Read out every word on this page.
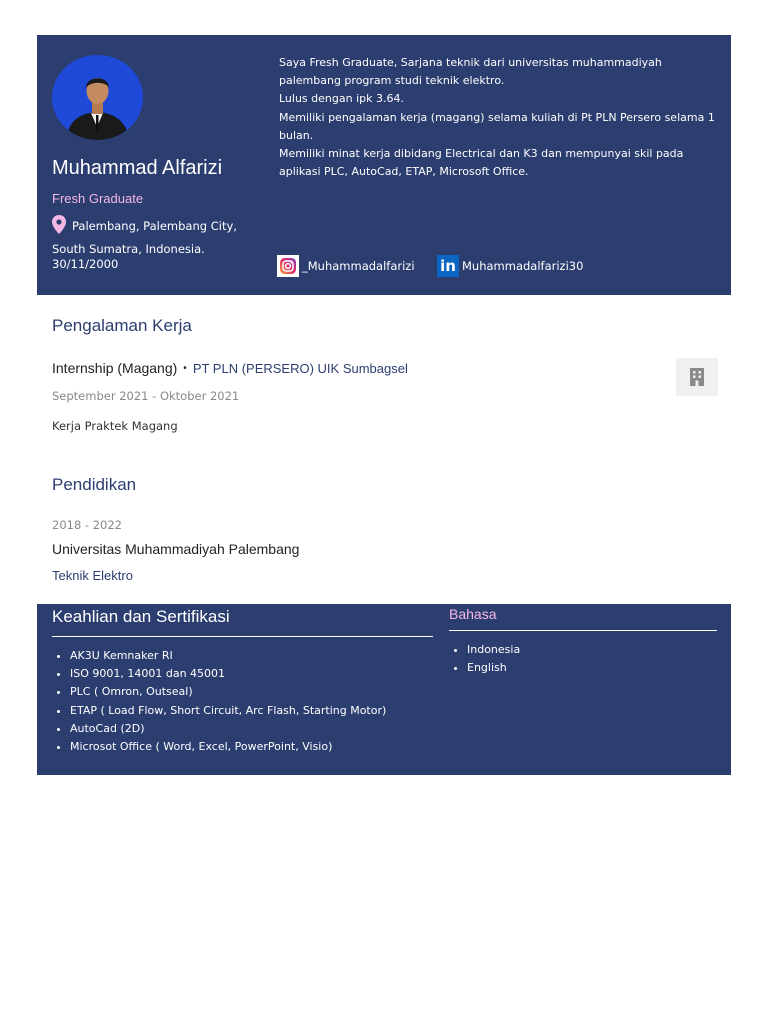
Muhammad Alfarizi
Fresh Graduate
Palembang, Palembang City, South Sumatra, Indonesia.
30/11/2000
Saya Fresh Graduate, Sarjana teknik dari universitas muhammadiyah palembang program studi teknik elektro.
Lulus dengan ipk 3.64.
Memiliki pengalaman kerja (magang) selama kuliah di Pt PLN Persero selama 1 bulan.
Memiliki minat kerja dibidang Electrical dan K3 dan mempunyai skil pada aplikasi PLC, AutoCad, ETAP, Microsoft Office.
_Muhammadalfarizi in Muhammadalfarizi30
Pengalaman Kerja
Internship (Magang) • PT PLN (PERSERO) UIK Sumbagsel
September 2021 - Oktober 2021
Kerja Praktek Magang
Pendidikan
2018 - 2022
Universitas Muhammadiyah Palembang
Teknik Elektro
Keahlian dan Sertifikasi
• AK3U Kemnaker RI
• ISO 9001, 14001 dan 45001
• PLC ( Omron, Outseal)
• ETAP ( Load Flow, Short Circuit, Arc Flash, Starting Motor)
• AutoCad (2D)
• Microsot Office ( Word, Excel, PowerPoint, Visio)
Bahasa
• Indonesia
• English
